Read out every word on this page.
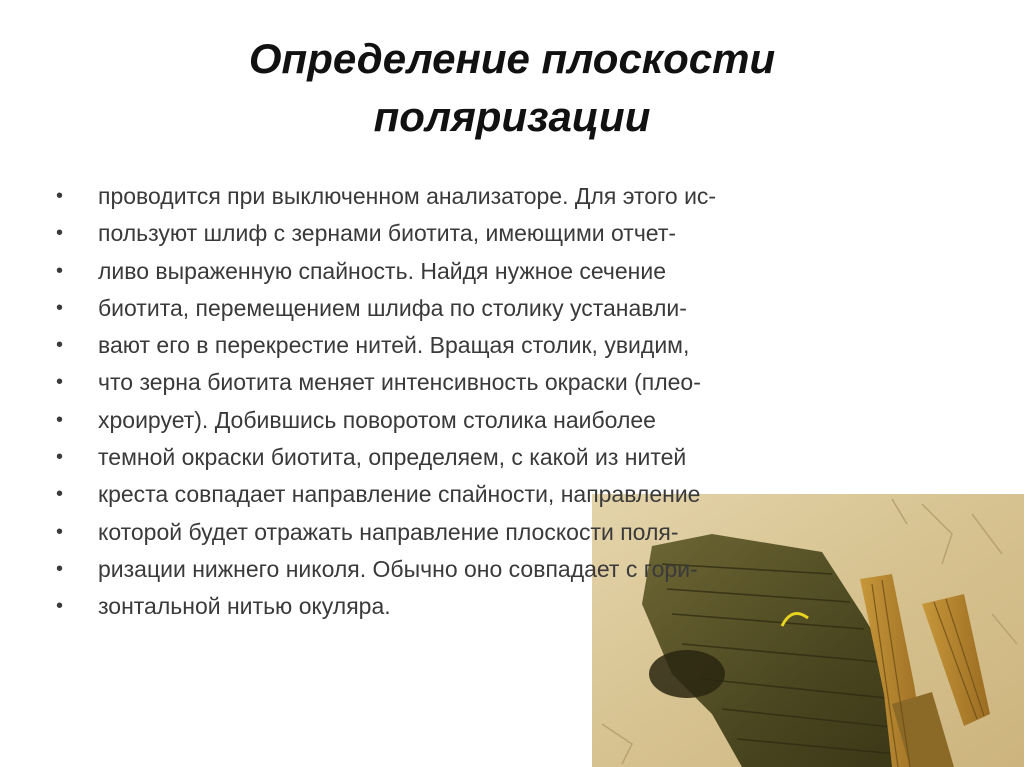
Определение плоскости
поляризации
• проводится при выключенном анализаторе. Для этого ис-
• пользуют шлиф с зернами биотита, имеющими отчет-
• ливо выраженную спайность. Найдя нужное сечение
• биотита, перемещением шлифа по столику устанавли-
• вают его в перекрестие нитей. Вращая столик, увидим,
• что зерна биотита меняет интенсивность окраски (плео-
• хроирует). Добившись поворотом столика наиболее
• темной окраски биотита, определяем, с какой из нитей
• креста совпадает направление спайности, направление
• которой будет отражать направление плоскости поля-
• ризации нижнего николя. Обычно оно совпадает с гори-
• зонтальной нитью окуляра.
